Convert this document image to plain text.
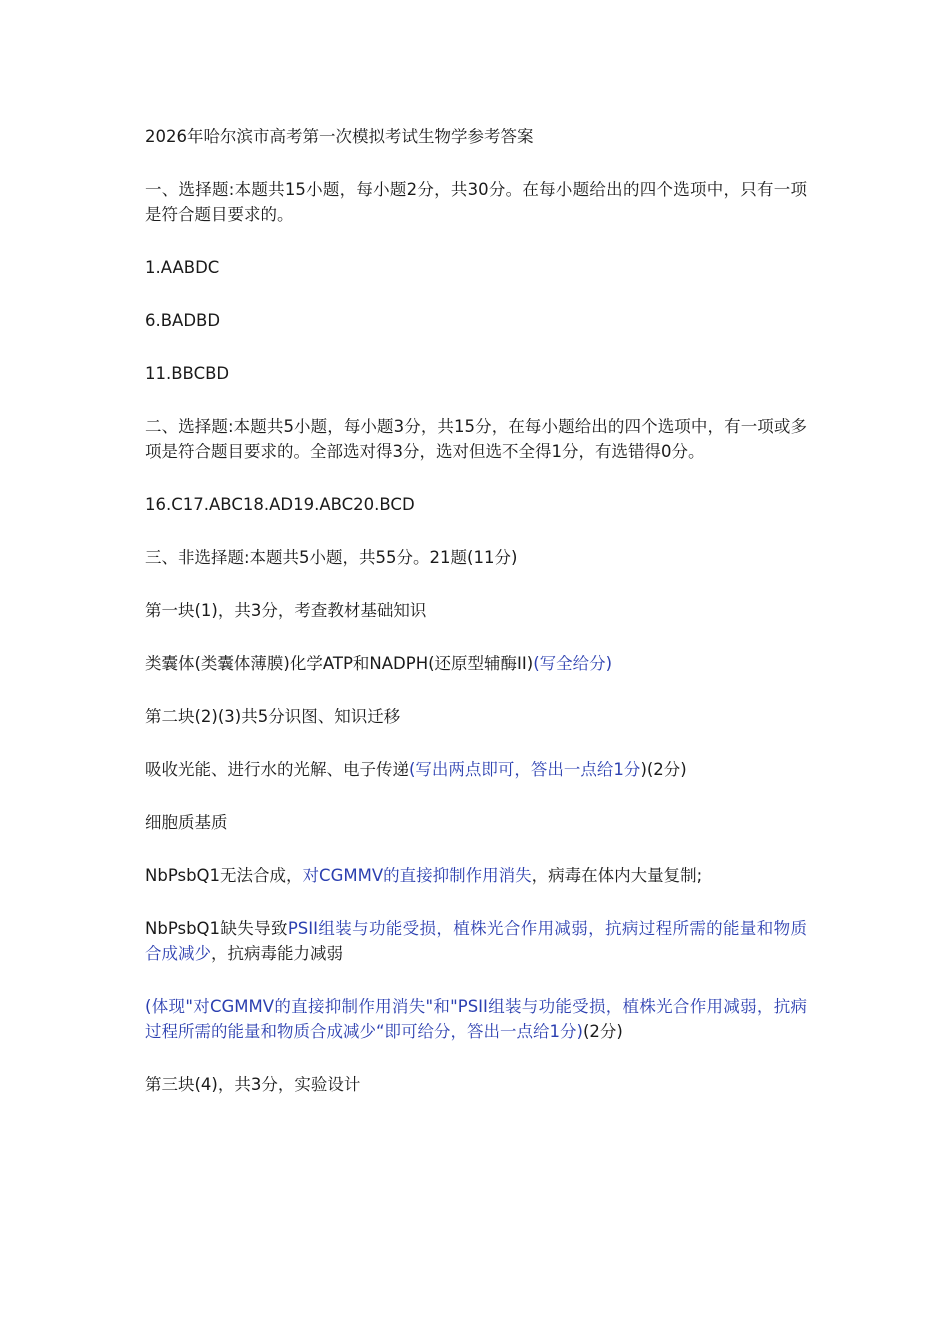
2026年哈尔滨市高考第一次模拟考试生物学参考答案

一、选择题:本题共15小题，每小题2分，共30分。在每小题给出的四个选项中，只有一项是符合题目要求的。

1.AABDC

6.BADBD

11.BBCBD

二、选择题:本题共5小题，每小题3分，共15分，在每小题给出的四个选项中，有一项或多项是符合题目要求的。全部选对得3分，选对但选不全得1分，有选错得0分。

16.C17.ABC18.AD19.ABC20.BCD

三、非选择题:本题共5小题，共55分。21题(11分)

第一块(1)，共3分，考查教材基础知识

类囊体(类囊体薄膜)化学ATP和NADPH(还原型辅酶II)(写全给分)

第二块(2)(3)共5分识图、知识迁移

吸收光能、进行水的光解、电子传递(写出两点即可，答出一点给1分)(2分)

细胞质基质

NbPsbQ1无法合成，对CGMMV的直接抑制作用消失，病毒在体内大量复制;

NbPsbQ1缺失导致PSII组装与功能受损，植株光合作用减弱，抗病过程所需的能量和物质合成减少，抗病毒能力减弱

(体现"对CGMMV的直接抑制作用消失"和"PSII组装与功能受损，植株光合作用减弱，抗病过程所需的能量和物质合成减少“即可给分，答出一点给1分)(2分)

第三块(4)，共3分，实验设计
